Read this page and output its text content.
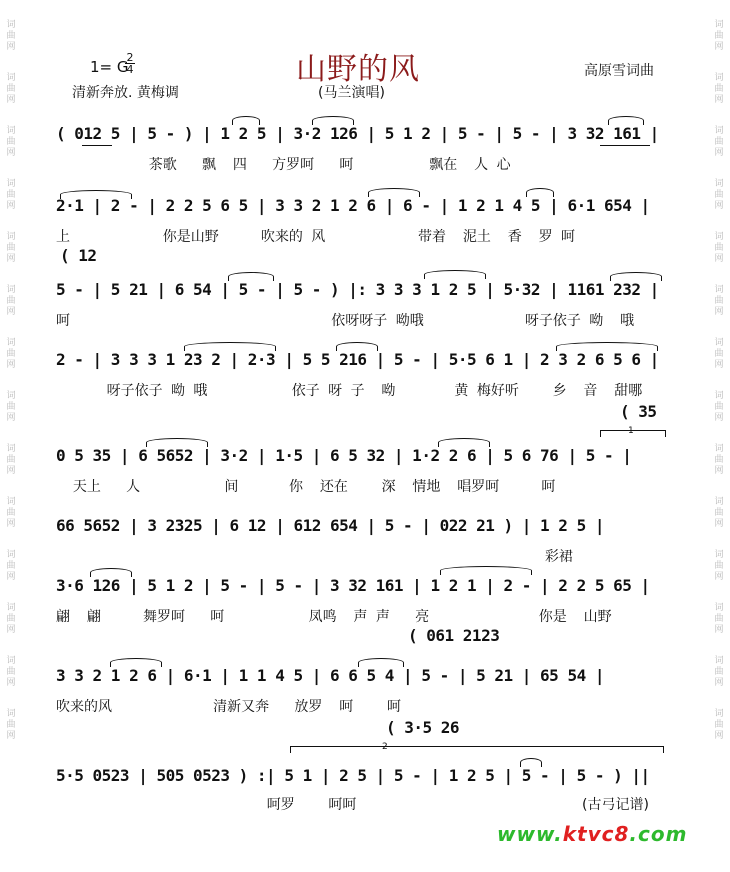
词
曲
网
词
曲
网
词
曲
网
词
曲
网
词
曲
网
词
曲
网
词
曲
网
词
曲
网
词
曲
网
词
曲
网
词
曲
网
词
曲
网
词
曲
网
词
曲
网
词
曲
网
词
曲
网
词
曲
网
词
曲
网
词
曲
网
词
曲
网
词
曲
网
词
曲
网
词
曲
网
词
曲
网
词
曲
网
词
曲
网
词
曲
网
词
曲
网
1= G
2
4	山野的风	高原雪词曲
清新奔放. 黄梅调	(马兰演唱)
( 012 5 | 5 - ) | 1 2 5 | 3·2 126 | 5 1 2 | 5 - | 5 - | 3 32 161 |
茶歌   飘  四   方罗呵   呵         飘在  人 心
2·1 | 2 - | 2 2 5 6 5 | 3 3 2 1 2 6 | 6 - | 1 2 1 4 5 | 6·1 654 |
上           你是山野     吹来的 风           带着  泥土  香  罗 呵
( 12
5 - | 5 21 | 6 54 | 5 - | 5 - ) |: 3 3 3 1 2 5 | 5·32 | 1161 232 |
呵                               依呀呀子 呦哦            呀子依子 呦  哦
2 - | 3 3 3 1 23 2 | 2·3 | 5 5 216 | 5 - | 5·5 6 1 | 2 3 2 6 5 6 |
呀子依子 呦 哦          依子 呀 子  呦       黄 梅好听    乡  音  甜哪
0 5 35 | 6 5652 | 3·2 | 1·5 | 6 5 32 | 1·2 2 6 | 5 6 76 | 5 - |
天上   人          间      你  还在    深  情地  唱罗呵     呵
( 35
1
66 5652 | 3 2325 | 6 12 | 612 654 | 5 - | 022 21 ) | 1 2 5 |
彩裙
3·6 126 | 5 1 2 | 5 - | 5 - | 3 32 161 | 1 2 1 | 2 - | 2 2 5 65 |
翩  翩     舞罗呵   呵          凤鸣  声 声   亮             你是  山野
3 3 2 1 2 6 | 6·1 | 1 1 4 5 | 6 6 5 4 | 5 - | 5 21 | 65 54 |
吹来的风            清新又奔   放罗  呵    呵
( 061 2123
5·5 0523 | 505 0523 ) :| 5 1 | 2 5 | 5 - | 1 2 5 | 5 - | 5 - ) ||
呵罗    呵呵
( 3·5 26
2
(古弓记谱)
www.ktvc8.com
